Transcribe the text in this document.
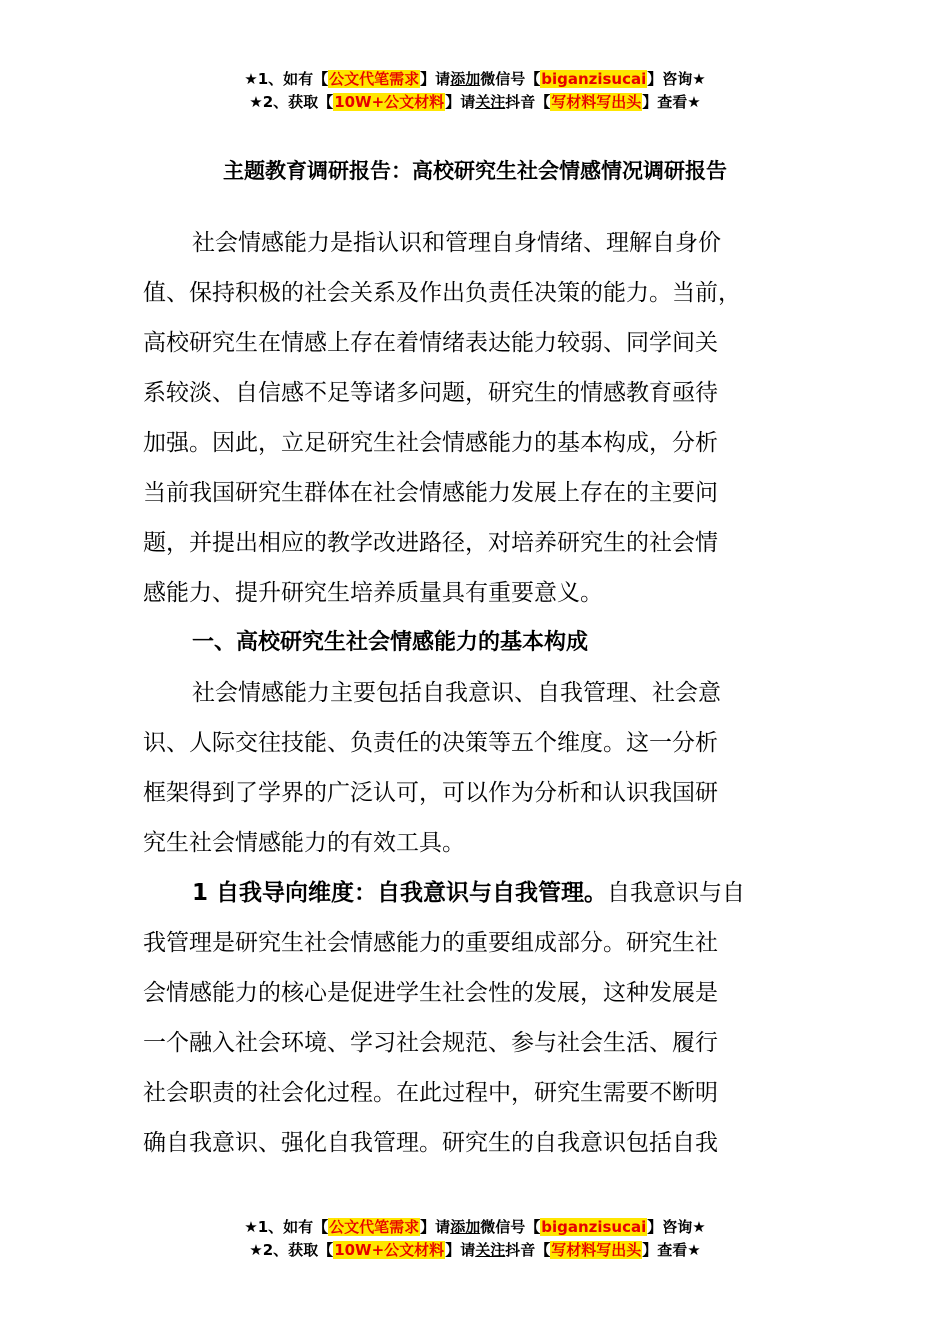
★1、如有【公文代笔需求】请添加微信号【biganzisucai】咨询★
★2、获取【10W+公文材料】请关注抖音【写材料写出头】查看★
主题教育调研报告：高校研究生社会情感情况调研报告
社会情感能力是指认识和管理自身情绪、理解自身价
值、保持积极的社会关系及作出负责任决策的能力。当前，
高校研究生在情感上存在着情绪表达能力较弱、同学间关
系较淡、自信感不足等诸多问题，研究生的情感教育亟待
加强。因此，立足研究生社会情感能力的基本构成，分析
当前我国研究生群体在社会情感能力发展上存在的主要问
题，并提出相应的教学改进路径，对培养研究生的社会情
感能力、提升研究生培养质量具有重要意义。
一、高校研究生社会情感能力的基本构成
社会情感能力主要包括自我意识、自我管理、社会意
识、人际交往技能、负责任的决策等五个维度。这一分析
框架得到了学界的广泛认可，可以作为分析和认识我国研
究生社会情感能力的有效工具。
1 自我导向维度：自我意识与自我管理。自我意识与自
我管理是研究生社会情感能力的重要组成部分。研究生社
会情感能力的核心是促进学生社会性的发展，这种发展是
一个融入社会环境、学习社会规范、参与社会生活、履行
社会职责的社会化过程。在此过程中，研究生需要不断明
确自我意识、强化自我管理。研究生的自我意识包括自我
★1、如有【公文代笔需求】请添加微信号【biganzisucai】咨询★
★2、获取【10W+公文材料】请关注抖音【写材料写出头】查看★
